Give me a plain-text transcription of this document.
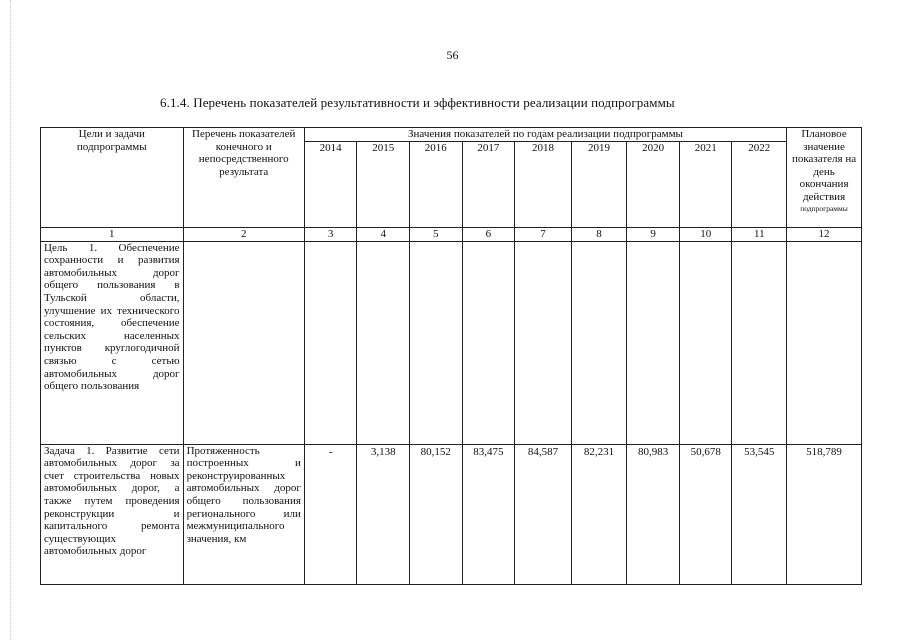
56
6.1.4. Перечень показателей результативности и эффективности реализации подпрограммы
Цели и задачи подпрограммы	Перечень показателей конечного и непосредственного результата	Значения показателей по годам реализации подпрограммы									Плановое значение показателя на день окончания действия
подпрограммы

		2014	2015	2016	2017	2018	2019	2020	2021	2022	
1	2	3	4	5	6	7	8	9	10	11	12
Цель 1. Обеспечение сохранности и развития автомобильных дорог общего пользования в Тульской области, улучшение их технического состояния, обеспечение сельских населенных пунктов круглогодичной связью с сетью автомобильных дорог общего пользования											
Задача 1. Развитие сети автомобильных дорог за счет строительства новых автомобильных дорог, а также путем проведения реконструкции и капитального ремонта существующих автомобильных дорог	Протяженность построенных и реконструированных автомобильных дорог общего пользования регионального или межмуниципального значения, км	-	3,138	80,152	83,475	84,587	82,231	80,983	50,678	53,545	518,789
